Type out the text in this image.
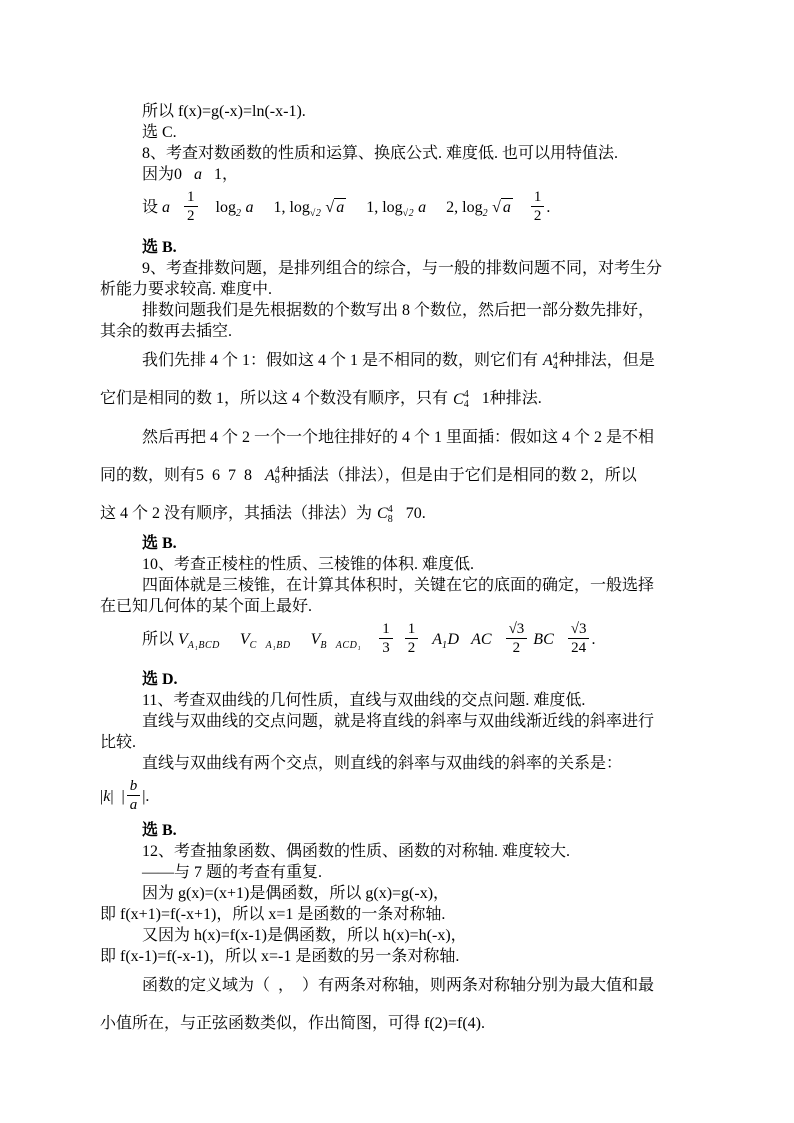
所以 f(x)=g(-x)=ln(-x-1).
选 C.
8、考查对数函数的性质和运算、换底公式. 难度低. 也可以用特值法.
因为0   a   1，
设 a $\frac{1}{2} \log_2 a$     1, $\log_{√2}$ √ a     1, $\log_{√2} a$     2, $\log_2$ √ a $\frac{1}{2}$ .
选 B.
9、考查排数问题，是排列组合的综合，与一般的排数问题不同，对考生分
析能力要求较高. 难度中.
排数问题我们是先根据数的个数写出 8 个数位，然后把一部分数先排好，
其余的数再去插空.
我们先排 4 个 1：假如这 4 个 1 是不相同的数，则它们有 A 4
4 种排法，但是
它们是相同的数 1，所以这 4 个数没有顺序，只有 C 4
4 1种排法.
然后再把 4 个 2 一个一个地往排好的 4 个 1 里面插：假如这 4 个 2 是不相
同的数，则有5  6  7  8   A 4
8 种插法（排法），但是由于它们是相同的数 2，所以
这 4 个 2 没有顺序，其插法（排法）为 C 4
8 70.
选 B.
10、考查正棱柱的性质、三棱锥的体积. 难度低.
四面体就是三棱锥，在计算其体积时，关键在它的底面的确定，一般选择
在已知几何体的某个面上最好.
所以 $V_{A_1BCD}$ $V_{C A_1BD}$ $V_{B ACD_1} \frac{1}{3}$
$\frac{1}{2} A_1D$ AC $\frac{√3}{2}$ BC $\frac{√3}{24}$ .
选 D.
11、考查双曲线的几何性质，直线与双曲线的交点问题. 难度低.
直线与双曲线的交点问题，就是将直线的斜率与双曲线渐近线的斜率进行
比较.
直线与双曲线有两个交点，则直线的斜率与双曲线的斜率的关系是：
|k|  | $\frac{b}{a}$ |.
选 B.
12、考查抽象函数、偶函数的性质、函数的对称轴. 难度较大.
——与 7 题的考查有重复.
因为 g(x)=(x+1)是偶函数，所以 g(x)=g(-x)，
即 f(x+1)=f(-x+1)，所以 x=1 是函数的一条对称轴.
又因为 h(x)=f(x-1)是偶函数，所以 h(x)=h(-x)，
即 f(x-1)=f(-x-1)，所以 x=-1 是函数的另一条对称轴.
函数的定义域为（  ，  ）有两条对称轴，则两条对称轴分别为最大值和最
小值所在，与正弦函数类似，作出简图，可得 f(2)=f(4).
